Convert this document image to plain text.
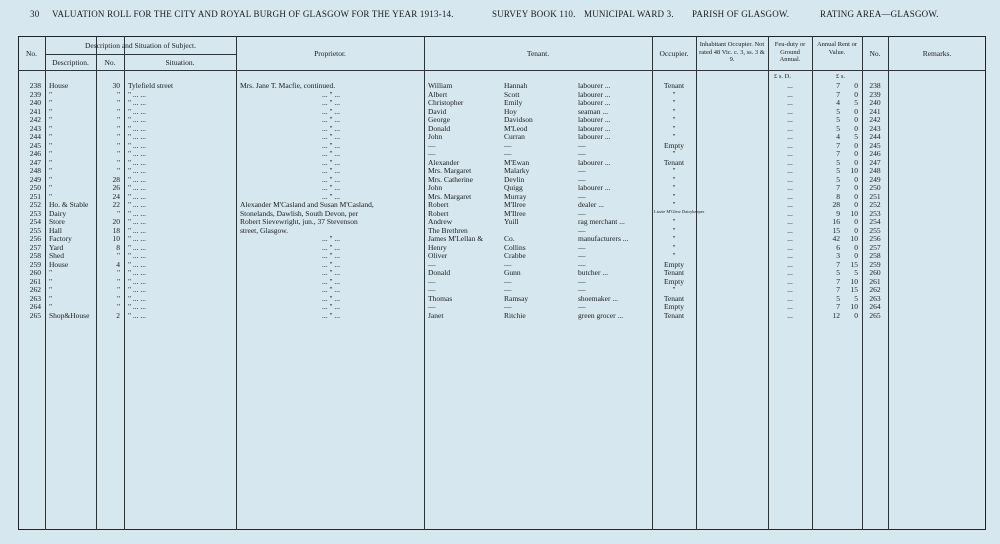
30 VALUATION ROLL FOR THE CITY AND ROYAL BURGH OF GLASGOW FOR THE YEAR 1913-14.	SURVEY BOOK 110. MUNICIPAL WARD 3. PARISH OF GLASGOW.	RATING AREA—GLASGOW.
No.
Description and Situation of Subject.
Description.	No.	Situation.
Proprietor.	Tenant.	Occupier.
Inhabitant Occupier. Not rated 48 Vic. c. 3, ss. 3 & 9.
Feu-duty or Ground Annual.
Annual Rent or Value.	No.	Remarks.
£ s. D.	£ s.
238 House	30 Tylefield street	Mrs. Jane T. Macfie, continued.	William	Hannah	labourer ...	Tenant	...	7	0	238
239 "	" " ... ...	... " ...	Albert	Scott	labourer ...	"	...	7	0	239
240 "	" " ... ...	... " ...	Christopher	Emily	labourer ...	"	...	4	5	240
241 "	" " ... ...	... " ...	David	Hoy	seaman ...	"	...	5	0	241
242 "	" " ... ...	... " ...	George	Davidson	labourer ...	"	...	5	0	242
243 "	" " ... ...	... " ...	Donald	M'Leod	labourer ...	"	...	5	0	243
244 "	" " ... ...	... " ...	John	Curran	labourer ...	"	...	4	5	244
245 "	" " ... ...	... " ...	—	—	—	Empty	...	7	0	245
246 "	" " ... ...	... " ...	—	—	—	"	...	7	0	246
247 "	" " ... ...	... " ...	Alexander	M'Ewan	labourer ...	Tenant	...	5	0	247
248 "	" " ... ...	... " ...	Mrs. Margaret	Malarky	—	"	...	5	10	248
249 "	28 " ... ...	... " ...	Mrs. Catherine	Devlin	—	"	...	5	0	249
250 "	26 " ... ...	... " ...	John	Quigg	labourer ...	"	...	7	0	250
251 "	24 " ... ...	... " ...	Mrs. Margaret	Murray	—	"	...	8	0	251
252 Ho. & Stable	22 " ... ...	Alexander M'Casland and Susan M'Casland,	Robert	M'Ilree	dealer ...	"	...	28	0	252
253 Dairy	" " ... ...	Stonelands, Dawlish, South Devon, per	Robert	M'Ilree	—	Lizzie M'Glew Dairykeeper	...	9	10	253
254 Store	20 " ... ...	Robert Sievewright, jun., 37 Stevenson	Andrew	Yuill	rag merchant ...	"	...	16	0	254
255 Hall	18 " ... ...	street, Glasgow.	The Brethren	—	"	...	15	0	255
256 Factory	10 " ... ...	... " ...	James M'Lellan &	Co.	manufacturers ...	"	...	42	10	256
257 Yard	8 " ... ...	... " ...	Henry	Collins	—	"	...	6	0	257
258 Shed	" " ... ...	... " ...	Oliver	Crabbe	—	"	...	3	0	258
259 House	4 " ... ...	... " ...	—	—	—	Empty	...	7	15	259
260 "	" " ... ...	... " ...	Donald	Gunn	butcher ...	Tenant	...	5	5	260
261 "	" " ... ...	... " ...	—	—	—	Empty	...	7	10	261
262 "	" " ... ...	... " ...	—	—	—	"	...	7	15	262
263 "	" " ... ...	... " ...	Thomas	Ramsay	shoemaker ...	Tenant	...	5	5	263
264 "	" " ... ...	... " ...	—	—	—	Empty	...	7	10	264
265 Shop&House	2 " ... ...	... " ...	Janet	Ritchie	green grocer ...	Tenant	...	12	0	265
